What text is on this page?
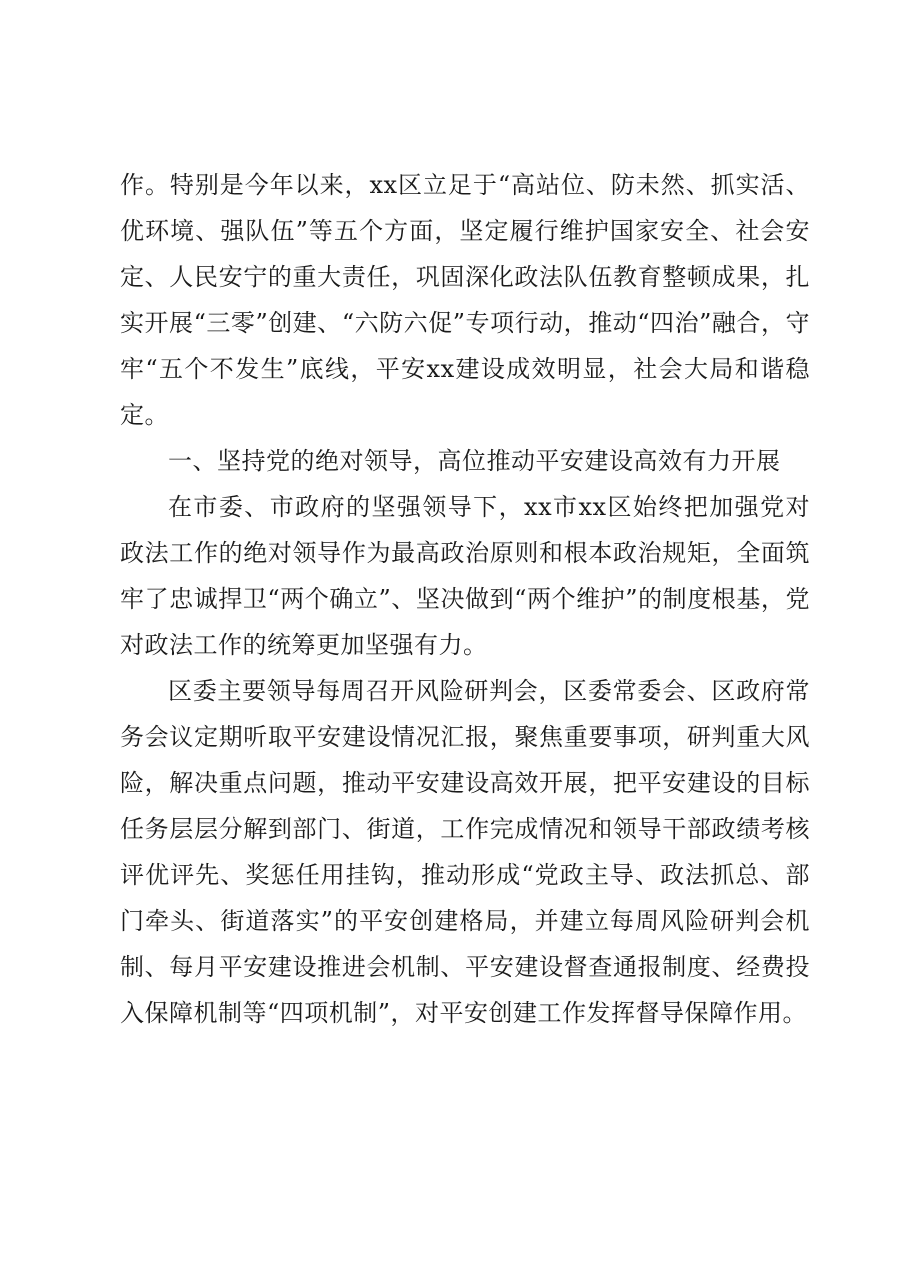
作。特别是今年以来，xx区立足于“高站位、防未然、抓实活、优环境、强队伍”等五个方面，坚定履行维护国家安全、社会安定、人民安宁的重大责任，巩固深化政法队伍教育整顿成果，扎实开展“三零”创建、“六防六促”专项行动，推动“四治”融合，守牢“五个不发生”底线，平安xx建设成效明显，社会大局和谐稳定。

一、坚持党的绝对领导，高位推动平安建设高效有力开展

在市委、市政府的坚强领导下，xx市xx区始终把加强党对政法工作的绝对领导作为最高政治原则和根本政治规矩，全面筑牢了忠诚捍卫“两个确立”、坚决做到“两个维护”的制度根基，党对政法工作的统筹更加坚强有力。

区委主要领导每周召开风险研判会，区委常委会、区政府常务会议定期听取平安建设情况汇报，聚焦重要事项，研判重大风险，解决重点问题，推动平安建设高效开展，把平安建设的目标任务层层分解到部门、街道，工作完成情况和领导干部政绩考核评优评先、奖惩任用挂钩，推动形成“党政主导、政法抓总、部门牵头、街道落实”的平安创建格局，并建立每周风险研判会机制、每月平安建设推进会机制、平安建设督查通报制度、经费投入保障机制等“四项机制”，对平安创建工作发挥督导保障作用。
